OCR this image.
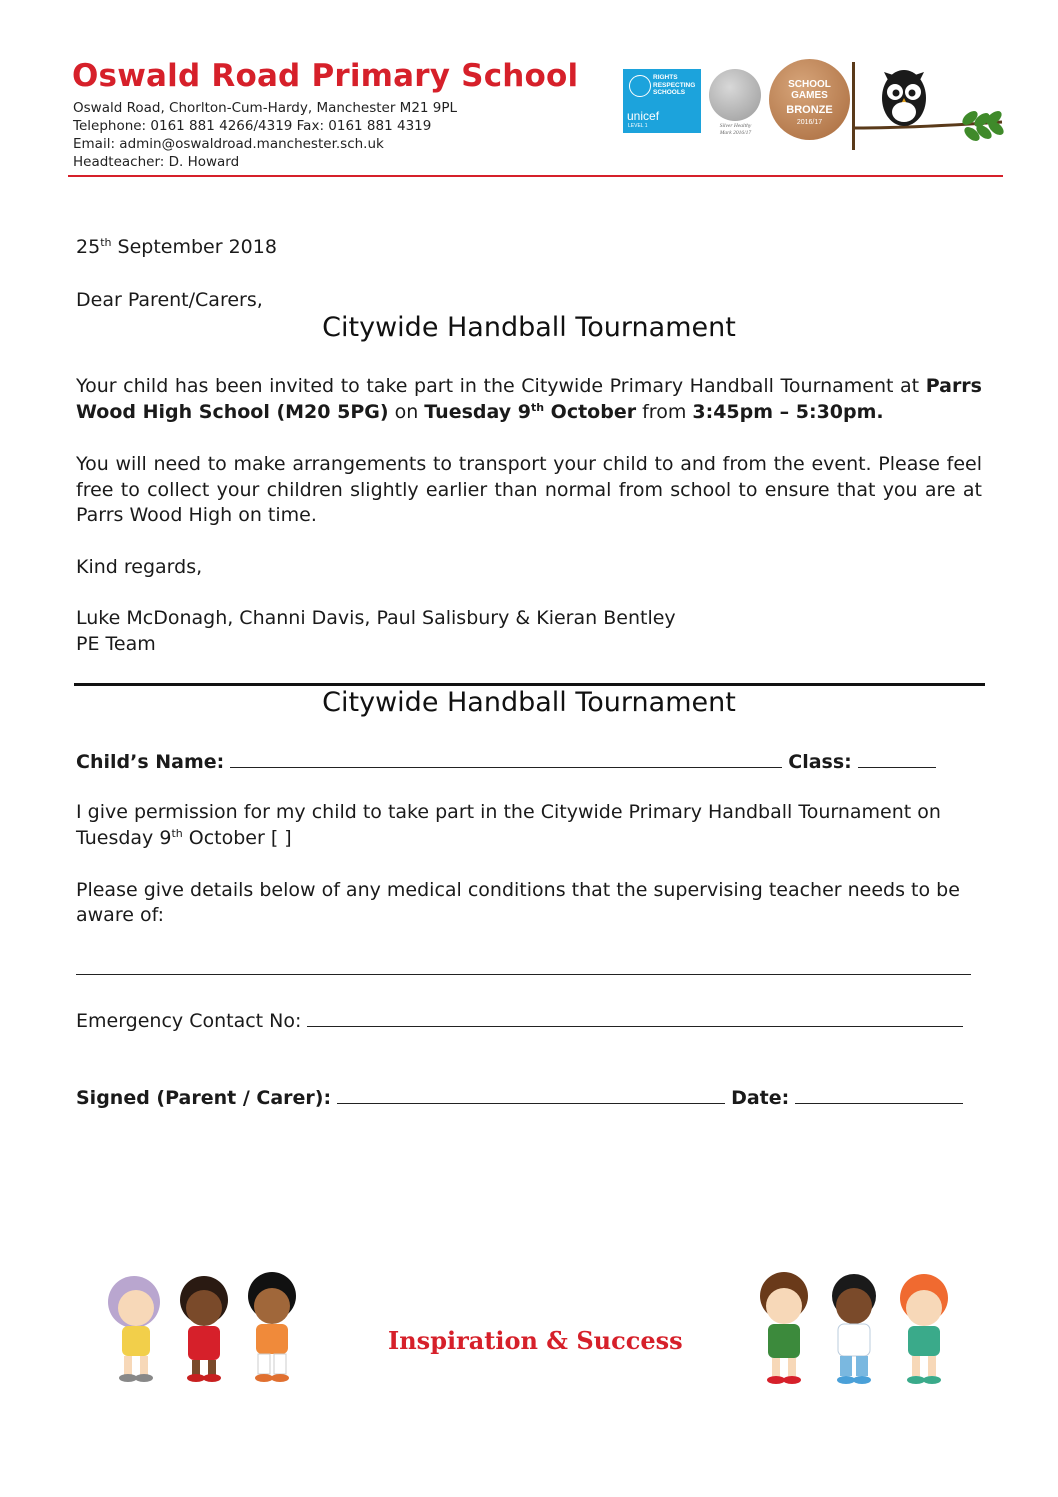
Oswald Road Primary School
Oswald Road, Chorlton-Cum-Hardy, Manchester M21 9PL
Telephone: 0161 881 4266/4319 Fax: 0161 881 4319
Email: admin@oswaldroad.manchester.sch.uk
Headteacher: D. Howard
RIGHTS
RESPECTING
SCHOOLS
unicef
LEVEL 1	Silver Healthy
Mark 2016/17
SCHOOL
GAMES
BRONZE
2016/17
25th September 2018
Dear Parent/Carers,
Citywide Handball Tournament
Your child has been invited to take part in the Citywide Primary Handball Tournament at Parrs Wood High School (M20 5PG) on Tuesday 9th October from 3:45pm – 5:30pm.
You will need to make arrangements to transport your child to and from the event. Please feel free to collect your children slightly earlier than normal from school to ensure that you are at Parrs Wood High on time.
Kind regards,
Luke McDonagh, Channi Davis, Paul Salisbury & Kieran Bentley
PE Team
Citywide Handball Tournament
Child’s Name:	Class:
I give permission for my child to take part in the Citywide Primary Handball Tournament on
Tuesday 9th October [ ]
Please give details below of any medical conditions that the supervising teacher needs to be
aware of:
Emergency Contact No:
Signed (Parent / Carer):	Date:
Inspiration & Success
